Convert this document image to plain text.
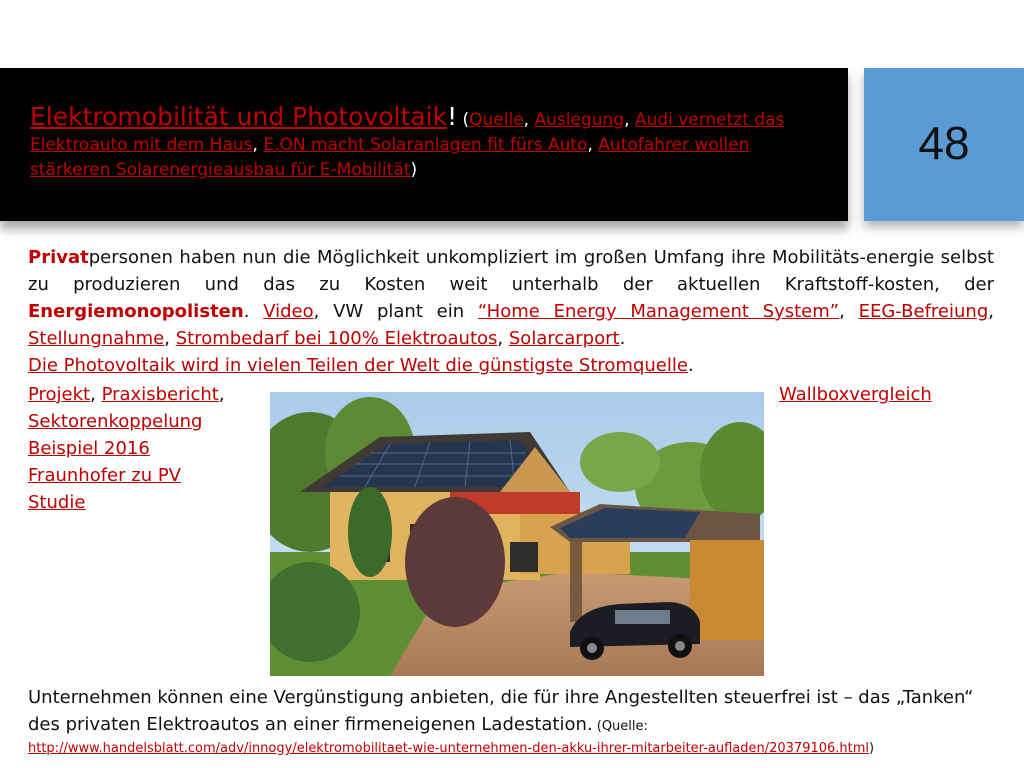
Elektromobilität und Photovoltaik! (Quelle, Auslegung, Audi vernetzt das Elektroauto mit dem Haus, E.ON macht Solaranlagen fit fürs Auto, Autofahrer wollen stärkeren Solarenergieausbau für E-Mobilität)
48
Privatpersonen haben nun die Möglichkeit unkompliziert im großen Umfang ihre Mobilitäts-energie selbst zu produzieren und das zu Kosten weit unterhalb der aktuellen Kraftstoff-kosten, der Energiemonopolisten. Video, VW plant ein “Home Energy Management System”, EEG-Befreiung, Stellungnahme, Strombedarf bei 100% Elektroautos, Solarcarport.
Die Photovoltaik wird in vielen Teilen der Welt die günstigste Stromquelle.
Projekt, Praxisbericht,
Sektorenkoppelung
Beispiel 2016
Fraunhofer zu PV
Studie
Wallboxvergleich
Unternehmen können eine Vergünstigung anbieten, die für ihre Angestellten steuerfrei ist – das „Tanken“ des privaten Elektroautos an einer firmeneigenen Ladestation. (Quelle:
http://www.handelsblatt.com/adv/innogy/elektromobilitaet-wie-unternehmen-den-akku-ihrer-mitarbeiter-aufladen/20379106.html)
